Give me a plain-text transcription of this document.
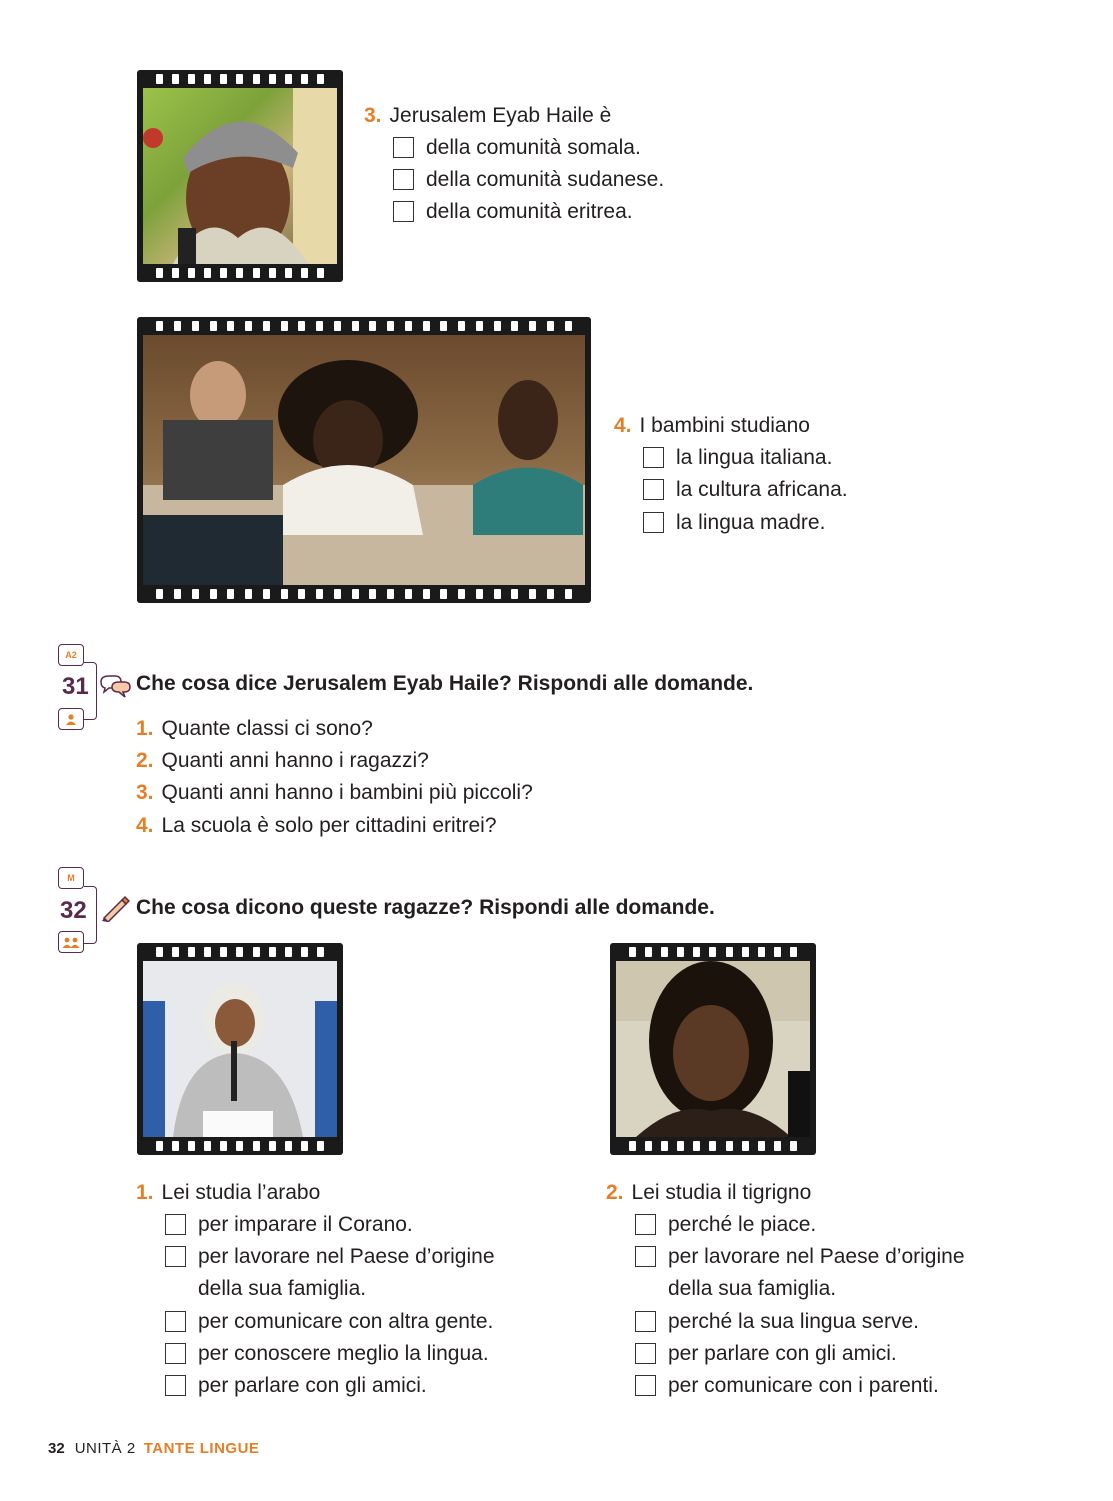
3. Jerusalem Eyab Haile è
della comunità somala.
della comunità sudanese.
della comunità eritrea.
4. I bambini studiano
la lingua italiana.
la cultura africana.
la lingua madre.
A2
31 Che cosa dice Jerusalem Eyab Haile? Rispondi alle domande.
1. Quante classi ci sono?
2. Quanti anni hanno i ragazzi?
3. Quanti anni hanno i bambini più piccoli?
4. La scuola è solo per cittadini eritrei?
M
32 Che cosa dicono queste ragazze? Rispondi alle domande.
1. Lei studia l’arabo
per imparare il Corano.
per lavorare nel Paese d’origine
della sua famiglia.
per comunicare con altra gente.
per conoscere meglio la lingua.
per parlare con gli amici.
2. Lei studia il tigrigno
perché le piace.
per lavorare nel Paese d’origine
della sua famiglia.
perché la sua lingua serve.
per parlare con gli amici.
per comunicare con i parenti.
32 UNITÀ 2 TANTE LINGUE
